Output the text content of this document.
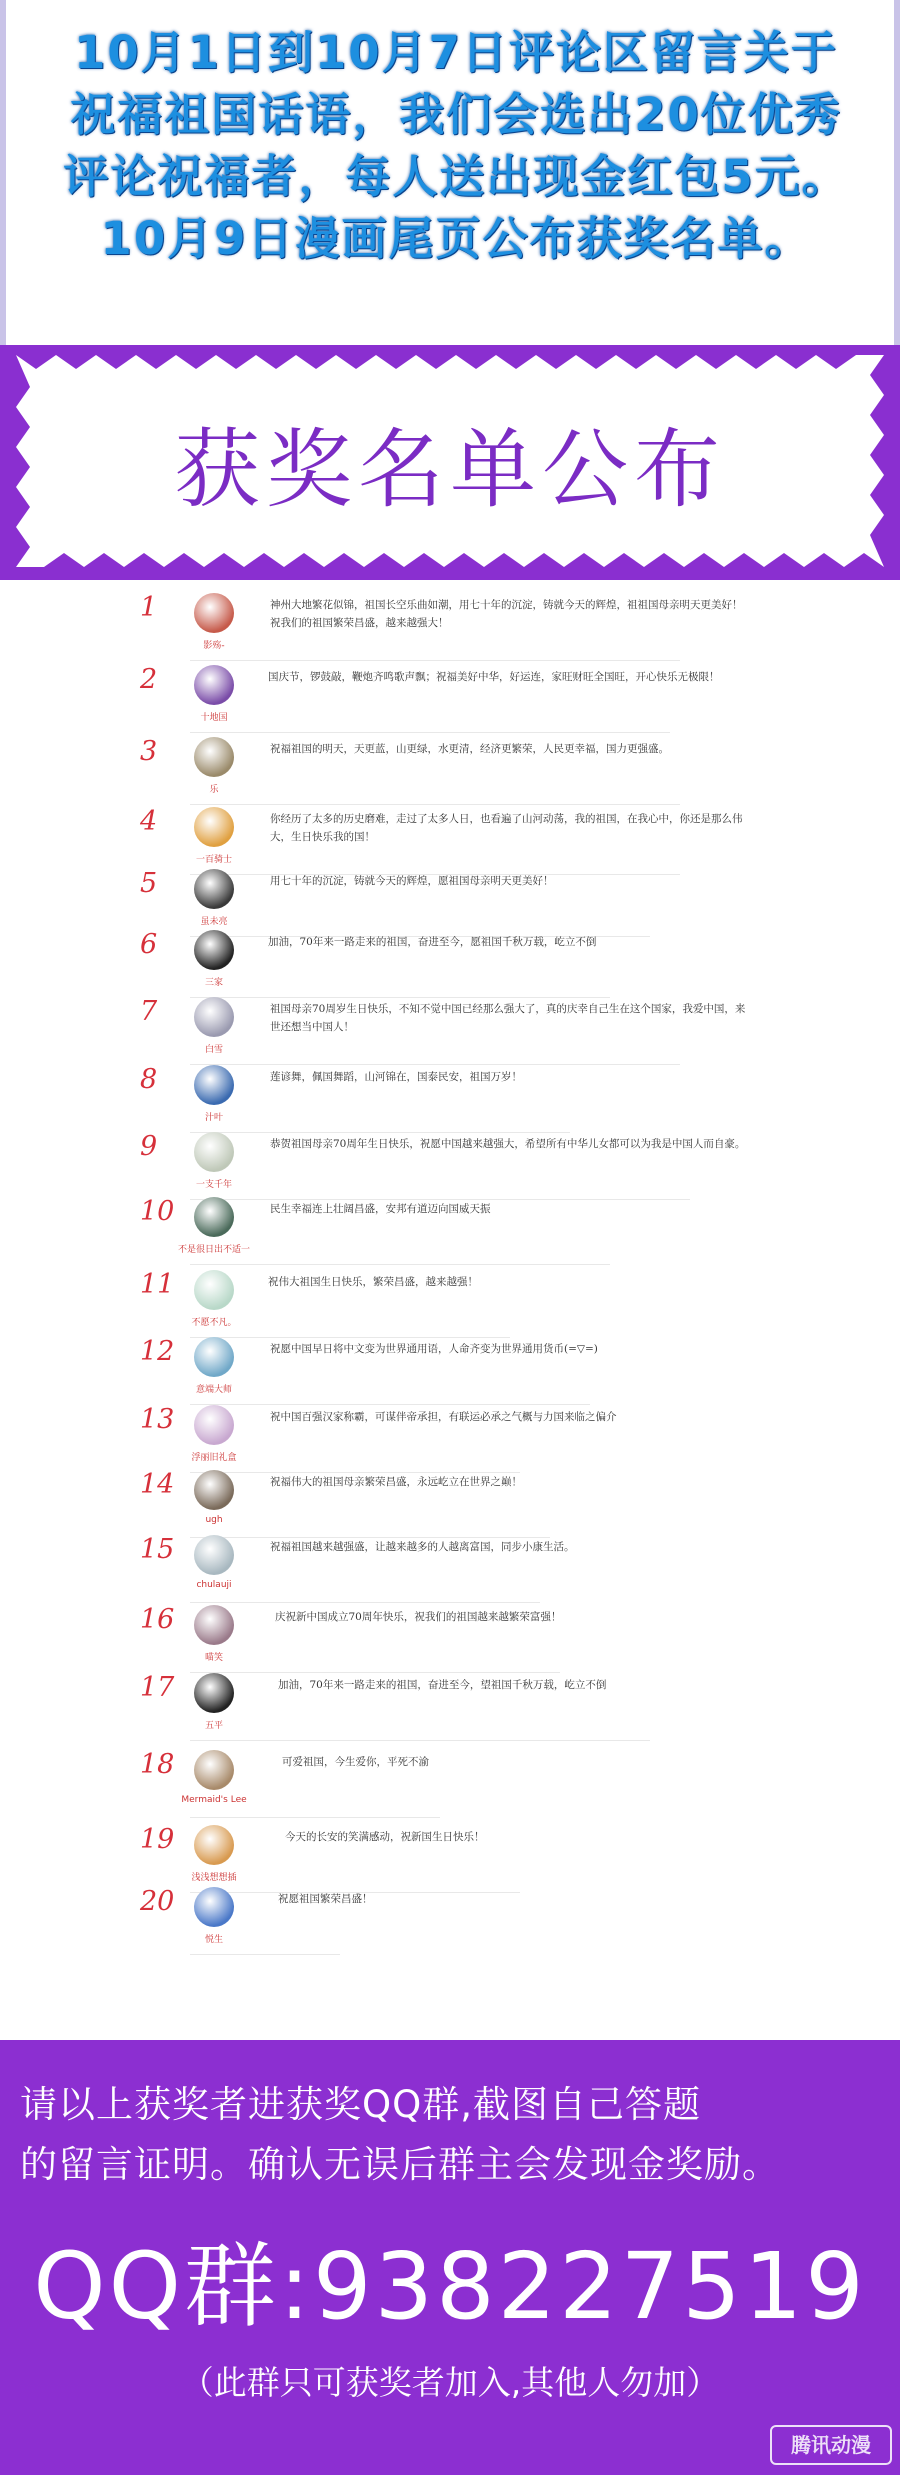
10月1日到10月7日评论区留言关于
祝福祖国话语，我们会选出20位优秀
评论祝福者，每人送出现金红包5元。
10月9日漫画尾页公布获奖名单。
获奖名单公布
1
影殇-
神州大地繁花似锦，祖国长空乐曲如潮，用七十年的沉淀，铸就今天的辉煌，祖祖国母亲明天更美好！祝我们的祖国繁荣昌盛，越来越强大！
2
十地国
国庆节，锣鼓敲，鞭炮齐鸣歌声飘；祝福美好中华，好运连，家旺财旺全国旺，开心快乐无极限！
3
乐
祝福祖国的明天，天更蓝，山更绿，水更清，经济更繁荣，人民更幸福，国力更强盛。
4
一百骑士
你经历了太多的历史磨难，走过了太多人日，也看遍了山河动荡，我的祖国，在我心中，你还是那么伟大，生日快乐我的国！
5
虽未亮
用七十年的沉淀，铸就今天的辉煌，愿祖国母亲明天更美好！
6
三家
加油，70年来一路走来的祖国，奋进至今，愿祖国千秋万载，屹立不倒
7
白雪
祖国母亲70周岁生日快乐，不知不觉中国已经那么强大了，真的庆幸自己生在这个国家，我爱中国，来世还想当中国人！
8
汁叶
莲谚舞，佩国舞蹈，山河锦在，国泰民安，祖国万岁！
9
一支千年
恭贺祖国母亲70周年生日快乐，祝愿中国越来越强大，希望所有中华儿女都可以为我是中国人而自豪。
10
不是很日出不适一
民生幸福连上壮阔昌盛，安邦有道迈向国威天振
11
不愿不凡。
祝伟大祖国生日快乐，繁荣昌盛，越来越强！
12
意端大师
祝愿中国早日将中文变为世界通用语，人命齐变为世界通用货币(=▽=)
13
浮丽旧礼盒
祝中国百强汉家称霸，可谋伴帝承担，有联运必承之气概与力国来临之偏介
14
ugh
祝福伟大的祖国母亲繁荣昌盛，永远屹立在世界之巅！
15
chulauji
祝福祖国越来越强盛，让越来越多的人越离富国，同步小康生活。
16
喵笑
庆祝新中国成立70周年快乐，祝我们的祖国越来越繁荣富强！
17
五平
加油，70年来一路走来的祖国，奋进至今，望祖国千秋万载，屹立不倒
18
Mermaid's Lee
可爱祖国，今生爱你，平死不渝
19
浅浅想想插
今天的长安的笑满感动，祝新国生日快乐！
20
悦生
祝愿祖国繁荣昌盛！
请以上获奖者进获奖QQ群,截图自己答题
的留言证明。确认无误后群主会发现金奖励。
QQ群:938227519
（此群只可获奖者加入,其他人勿加）
腾讯动漫
